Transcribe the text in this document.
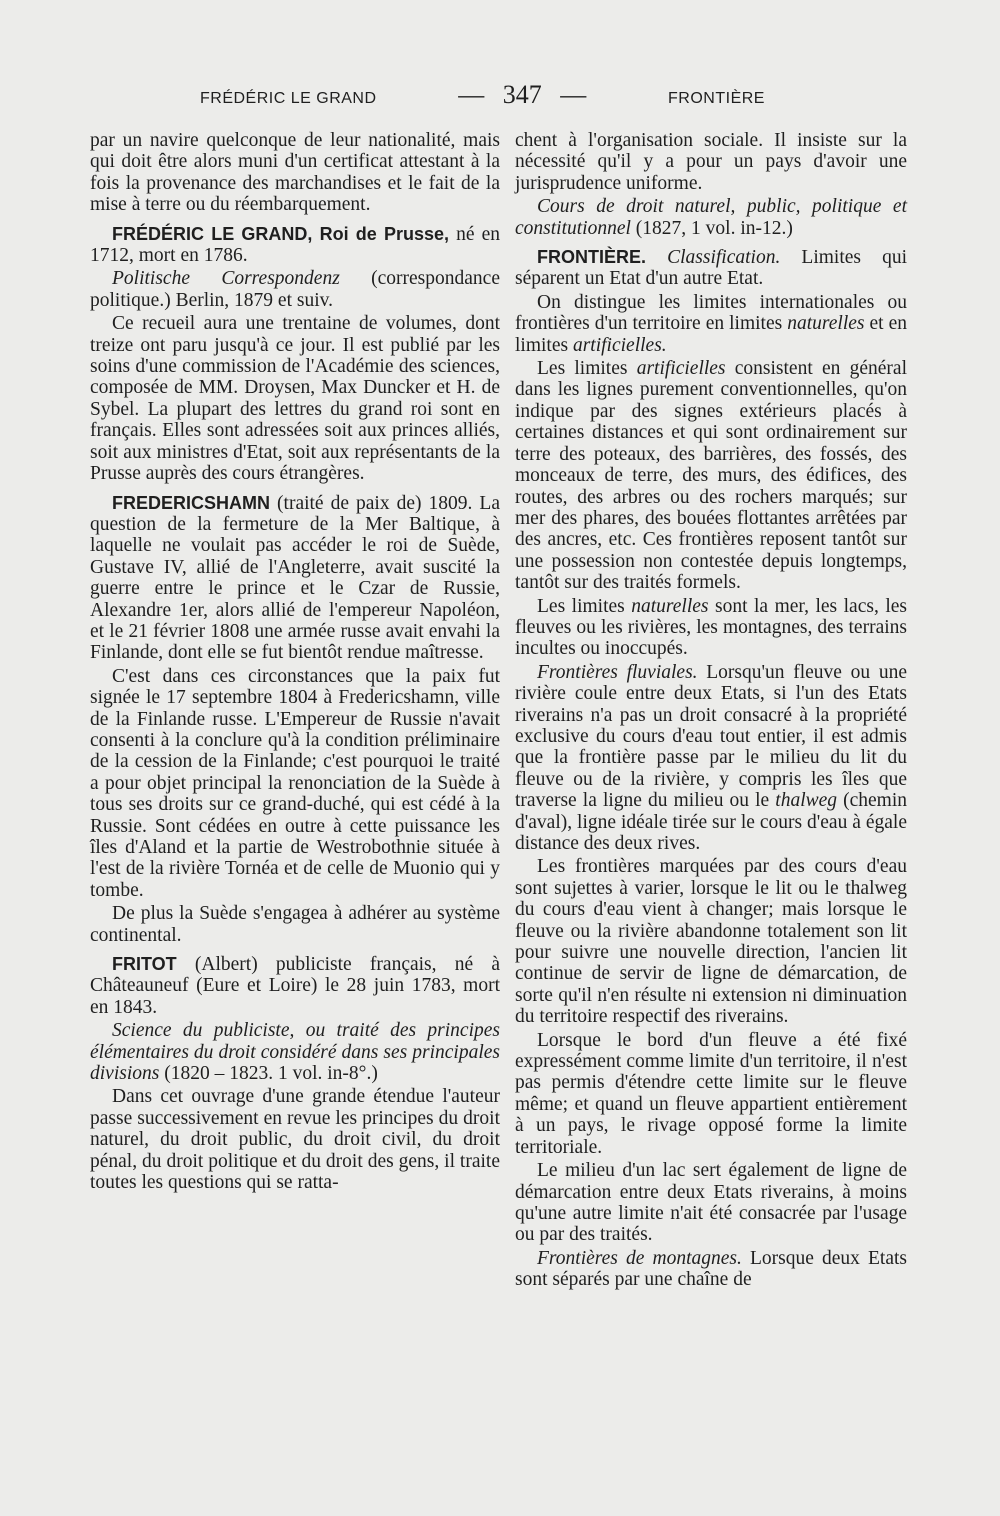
FRÉDÉRIC LE GRAND	— 347 —	FRONTIÈRE

par un navire quelconque de leur nationalité, mais qui doit être alors muni d'un certificat attestant à la fois la provenance des marchandises et le fait de la mise à terre ou du réembarquement.

FRÉDÉRIC LE GRAND, Roi de Prusse, né en 1712, mort en 1786.

Politische Correspondenz (correspondance politique.) Berlin, 1879 et suiv.

Ce recueil aura une trentaine de volumes, dont treize ont paru jusqu'à ce jour. Il est publié par les soins d'une commission de l'Académie des sciences, composée de MM. Droysen, Max Duncker et H. de Sybel. La plupart des lettres du grand roi sont en français. Elles sont adressées soit aux princes alliés, soit aux ministres d'Etat, soit aux représentants de la Prusse auprès des cours étrangères.

FREDERICSHAMN (traité de paix de) 1809. La question de la fermeture de la Mer Baltique, à laquelle ne voulait pas accéder le roi de Suède, Gustave IV, allié de l'Angleterre, avait suscité la guerre entre le prince et le Czar de Russie, Alexandre 1er, alors allié de l'empereur Napoléon, et le 21 février 1808 une armée russe avait envahi la Finlande, dont elle se fut bientôt rendue maîtresse.

C'est dans ces circonstances que la paix fut signée le 17 septembre 1804 à Fredericshamn, ville de la Finlande russe. L'Empereur de Russie n'avait consenti à la conclure qu'à la condition préliminaire de la cession de la Finlande; c'est pourquoi le traité a pour objet principal la renonciation de la Suède à tous ses droits sur ce grand-duché, qui est cédé à la Russie. Sont cédées en outre à cette puissance les îles d'Aland et la partie de Westrobothnie située à l'est de la rivière Tornéa et de celle de Muonio qui y tombe.

De plus la Suède s'engagea à adhérer au système continental.

FRITOT (Albert) publiciste français, né à Châteauneuf (Eure et Loire) le 28 juin 1783, mort en 1843.

Science du publiciste, ou traité des principes élémentaires du droit considéré dans ses principales divisions (1820 – 1823. 1 vol. in-8°.)

Dans cet ouvrage d'une grande étendue l'auteur passe successivement en revue les principes du droit naturel, du droit public, du droit civil, du droit pénal, du droit politique et du droit des gens, il traite toutes les questions qui se ratta-

chent à l'organisation sociale. Il insiste sur la nécessité qu'il y a pour un pays d'avoir une jurisprudence uniforme.

Cours de droit naturel, public, politique et constitutionnel (1827, 1 vol. in-12.)

FRONTIÈRE. Classification. Limites qui séparent un Etat d'un autre Etat.

On distingue les limites internationales ou frontières d'un territoire en limites naturelles et en limites artificielles.

Les limites artificielles consistent en général dans les lignes purement conventionnelles, qu'on indique par des signes extérieurs placés à certaines distances et qui sont ordinairement sur terre des poteaux, des barrières, des fossés, des monceaux de terre, des murs, des édifices, des routes, des arbres ou des rochers marqués; sur mer des phares, des bouées flottantes arrêtées par des ancres, etc. Ces frontières reposent tantôt sur une possession non contestée depuis longtemps, tantôt sur des traités formels.

Les limites naturelles sont la mer, les lacs, les fleuves ou les rivières, les montagnes, des terrains incultes ou inoccupés.

Frontières fluviales. Lorsqu'un fleuve ou une rivière coule entre deux Etats, si l'un des Etats riverains n'a pas un droit consacré à la propriété exclusive du cours d'eau tout entier, il est admis que la frontière passe par le milieu du lit du fleuve ou de la rivière, y compris les îles que traverse la ligne du milieu ou le thalweg (chemin d'aval), ligne idéale tirée sur le cours d'eau à égale distance des deux rives.

Les frontières marquées par des cours d'eau sont sujettes à varier, lorsque le lit ou le thalweg du cours d'eau vient à changer; mais lorsque le fleuve ou la rivière abandonne totalement son lit pour suivre une nouvelle direction, l'ancien lit continue de servir de ligne de démarcation, de sorte qu'il n'en résulte ni extension ni diminuation du territoire respectif des riverains.

Lorsque le bord d'un fleuve a été fixé expressément comme limite d'un territoire, il n'est pas permis d'étendre cette limite sur le fleuve même; et quand un fleuve appartient entièrement à un pays, le rivage opposé forme la limite territoriale.

Le milieu d'un lac sert également de ligne de démarcation entre deux Etats riverains, à moins qu'une autre limite n'ait été consacrée par l'usage ou par des traités.

Frontières de montagnes. Lorsque deux Etats sont séparés par une chaîne de
